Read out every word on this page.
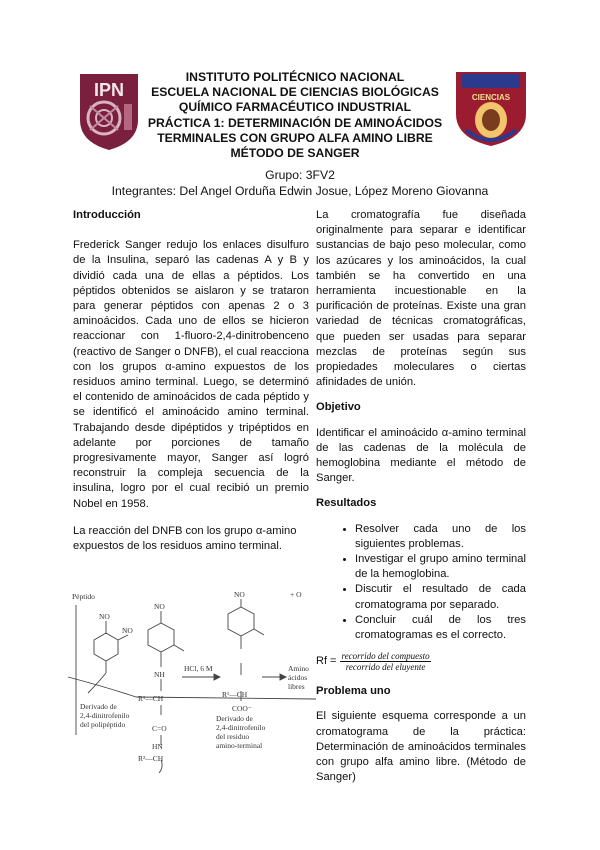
IPN
INSTITUTO POLITÉCNICO NACIONAL
ESCUELA NACIONAL DE CIENCIAS BIOLÓGICAS
QUÍMICO FARMACÉUTICO INDUSTRIAL
PRÁCTICA 1: DETERMINACIÓN DE AMINOÁCIDOS
TERMINALES CON GRUPO ALFA AMINO LIBRE
MÉTODO DE SANGER
CIENCIAS
Grupo: 3FV2
Integrantes: Del Angel Orduña Edwin Josue, López Moreno Giovanna
Introducción

Frederick Sanger redujo los enlaces disulfuro de la Insulina, separó las cadenas A y B y dividió cada una de ellas a péptidos. Los péptidos obtenidos se aislaron y se trataron para generar péptidos con apenas 2 o 3 aminoácidos. Cada uno de ellos se hicieron reaccionar con 1-fluoro-2,4-dinitrobenceno (reactivo de Sanger o DNFB), el cual reacciona con los grupos α-amino expuestos de los residuos amino terminal. Luego, se determinó el contenido de aminoácidos de cada péptido y se identificó el aminoácido amino terminal. Trabajando desde dipéptidos y tripéptidos en adelante por porciones de tamaño progresivamente mayor, Sanger así logró reconstruir la compleja secuencia de la insulina, logro por el cual recibió un premio Nobel en 1958.

La reacción del DNFB con los grupo α-amino expuestos de los residuos amino terminal.

Péptido
NO
NO
NO
NO	+ O
NH
R¹—CH
C=O
HCl, 6 M
R¹—CH
COO⁻
Amino
ácidos
libres
Derivado de
2,4-dinitrofenilo
del polipéptido
HN
R²—CH
Derivado de
2,4-dinitrofenilo
del residuo
amino-terminal

La cromatografía fue diseñada originalmente para separar e identificar sustancias de bajo peso molecular, como los azúcares y los aminoácidos, la cual también se ha convertido en una herramienta incuestionable en la purificación de proteínas. Existe una gran variedad de técnicas cromatográficas, que pueden ser usadas para separar mezclas de proteínas según sus propiedades moleculares o ciertas afinidades de unión.

Objetivo

Identificar el aminoácido α-amino terminal de las cadenas de la molécula de hemoglobina mediante el método de Sanger.

Resultados
• Resolver cada uno de los siguientes problemas.
• Investigar el grupo amino terminal de la hemoglobina.
• Discutir el resultado de cada cromatograma por separado.
• Concluir cuál de los tres cromatogramas es el correcto.
$Rf = \frac{\text{recorrido del compuesto}}{\text{recorrido del eluyente}}$
Problema uno

El siguiente esquema corresponde a un cromatograma de la práctica: Determinación de aminoácidos terminales con grupo alfa amino libre. (Método de Sanger)
